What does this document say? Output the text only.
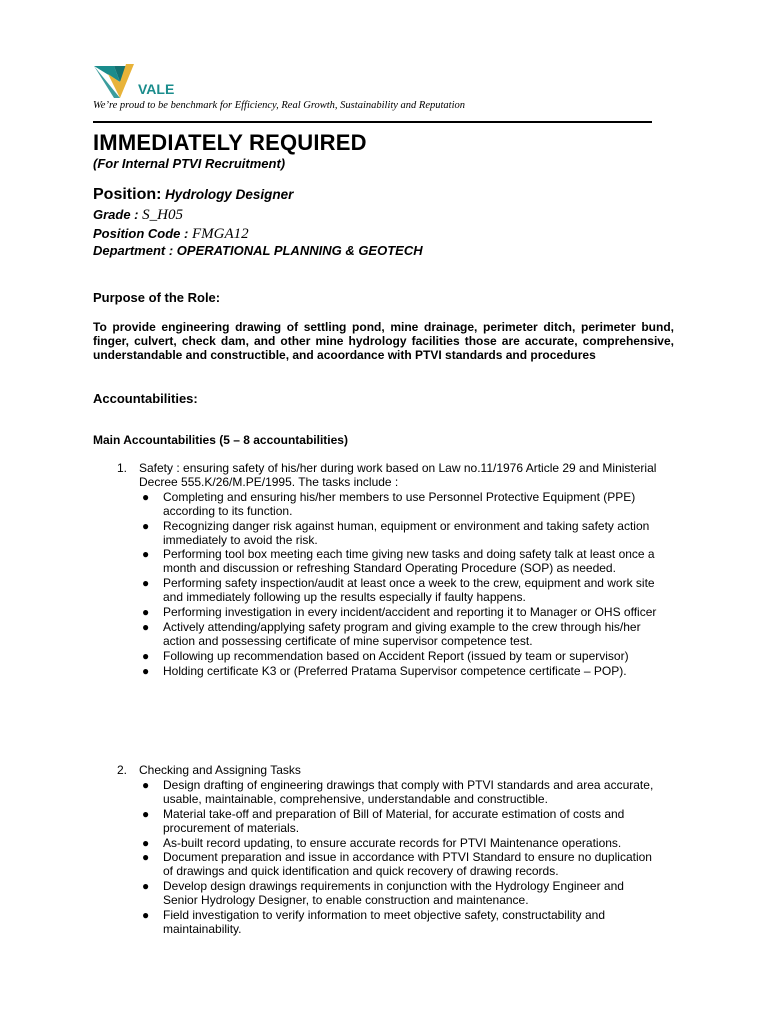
VALE
We’re proud to be benchmark for Efficiency, Real Growth, Sustainability and Reputation
IMMEDIATELY REQUIRED
(For Internal PTVI Recruitment)
Position: Hydrology Designer
Grade : S_H05
Position Code : FMGA12
Department : OPERATIONAL PLANNING & GEOTECH
Purpose of the Role:
To provide engineering drawing of settling pond, mine drainage, perimeter ditch, perimeter bund, finger, culvert, check dam, and other mine hydrology facilities those are accurate, comprehensive, understandable and constructible, and acoordance with PTVI standards and procedures
Accountabilities:
Main Accountabilities (5 – 8 accountabilities)
1. Safety : ensuring safety of his/her during work based on Law no.11/1976 Article 29 and Ministerial Decree 555.K/26/M.PE/1995. The tasks include :
● Completing and ensuring his/her members to use Personnel Protective Equipment (PPE) according to its function.
● Recognizing danger risk against human, equipment or environment and taking safety action immediately to avoid the risk.
● Performing tool box meeting each time giving new tasks and doing safety talk at least once a month and discussion or refreshing Standard Operating Procedure (SOP) as needed.
● Performing safety inspection/audit at least once a week to the crew, equipment and work site and immediately following up the results especially if faulty happens.
● Performing investigation in every incident/accident and reporting it to Manager or OHS officer
● Actively attending/applying safety program and giving example to the crew through his/her action and possessing certificate of mine supervisor competence test.
● Following up recommendation based on Accident Report (issued by team or supervisor)
● Holding certificate K3 or (Preferred Pratama Supervisor competence certificate – POP).
2. Checking and Assigning Tasks
● Design drafting of engineering drawings that comply with PTVI standards and area accurate, usable, maintainable, comprehensive, understandable and constructible.
● Material take-off and preparation of Bill of Material, for accurate estimation of costs and procurement of materials.
● As-built record updating, to ensure accurate records for PTVI Maintenance operations.
● Document preparation and issue in accordance with PTVI Standard to ensure no duplication of drawings and quick identification and quick recovery of drawing records.
● Develop design drawings requirements in conjunction with the Hydrology Engineer and Senior Hydrology Designer, to enable construction and maintenance.
● Field investigation to verify information to meet objective safety, constructability and maintainability.
